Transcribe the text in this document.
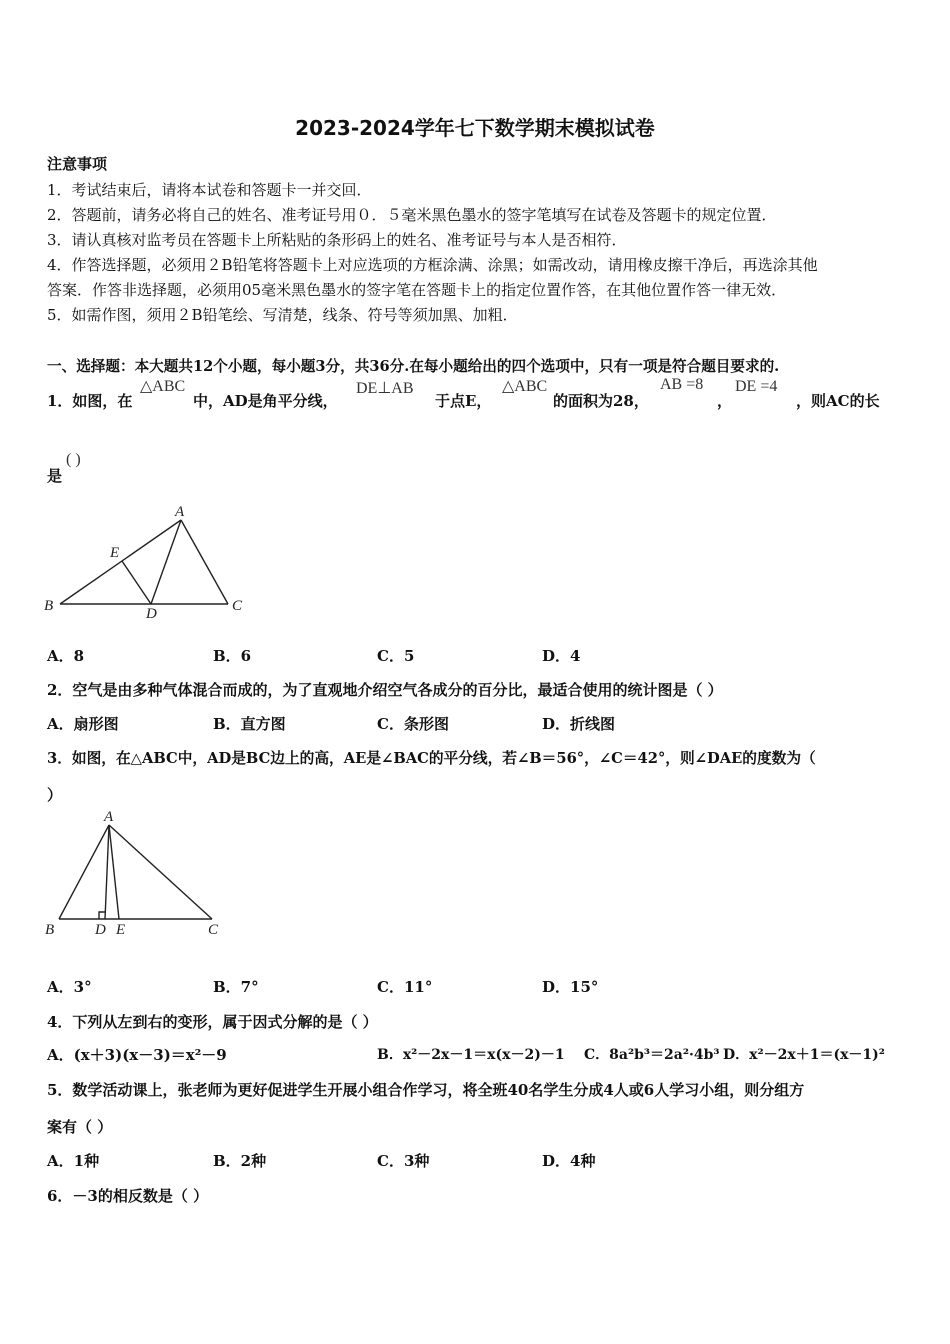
2023-2024学年七下数学期末模拟试卷
注意事项
1．考试结束后，请将本试卷和答题卡一并交回．
2．答题前，请务必将自己的姓名、准考证号用０．５毫米黑色墨水的签字笔填写在试卷及答题卡的规定位置．
3．请认真核对监考员在答题卡上所粘贴的条形码上的姓名、准考证号与本人是否相符．
4．作答选择题，必须用２B铅笔将答题卡上对应选项的方框涂满、涂黑；如需改动，请用橡皮擦干净后，再选涂其他
答案．作答非选择题，必须用05毫米黑色墨水的签字笔在答题卡上的指定位置作答，在其他位置作答一律无效．
5．如需作图，须用２B铅笔绘、写清楚，线条、符号等须加黑、加粗．
一、选择题：本大题共12个小题，每小题3分，共36分.在每小题给出的四个选项中，只有一项是符合题目要求的.
1．如图，在
△ABC
中，AD是角平分线，
DE⊥AB
于点E，
△ABC
的面积为28，
AB =8
，
DE =4
，则AC的长
是
( )
A
E
B	D	C
A．8	B．6	C．5	D．4
2．空气是由多种气体混合而成的，为了直观地介绍空气各成分的百分比，最适合使用的统计图是（ ）
A．扇形图	B．直方图	C．条形图	D．折线图
3．如图，在△ABC中，AD是BC边上的高，AE是∠BAC的平分线，若∠B＝56°，∠C＝42°，则∠DAE的度数为（
）
A
B	D E	C
A．3°	B．7°	C．11°	D．15°
4．下列从左到右的变形，属于因式分解的是（ ）
A．(x＋3)(x－3)＝x²－9	B．x²－2x－1＝x(x－2)－1 C．8a²b³＝2a²·4b³ D．x²－2x＋1＝(x－1)²
5．数学活动课上，张老师为更好促进学生开展小组合作学习，将全班40名学生分成4人或6人学习小组，则分组方
案有（ ）
A．1种	B．2种	C．3种	D．4种
6．－3的相反数是（ ）
